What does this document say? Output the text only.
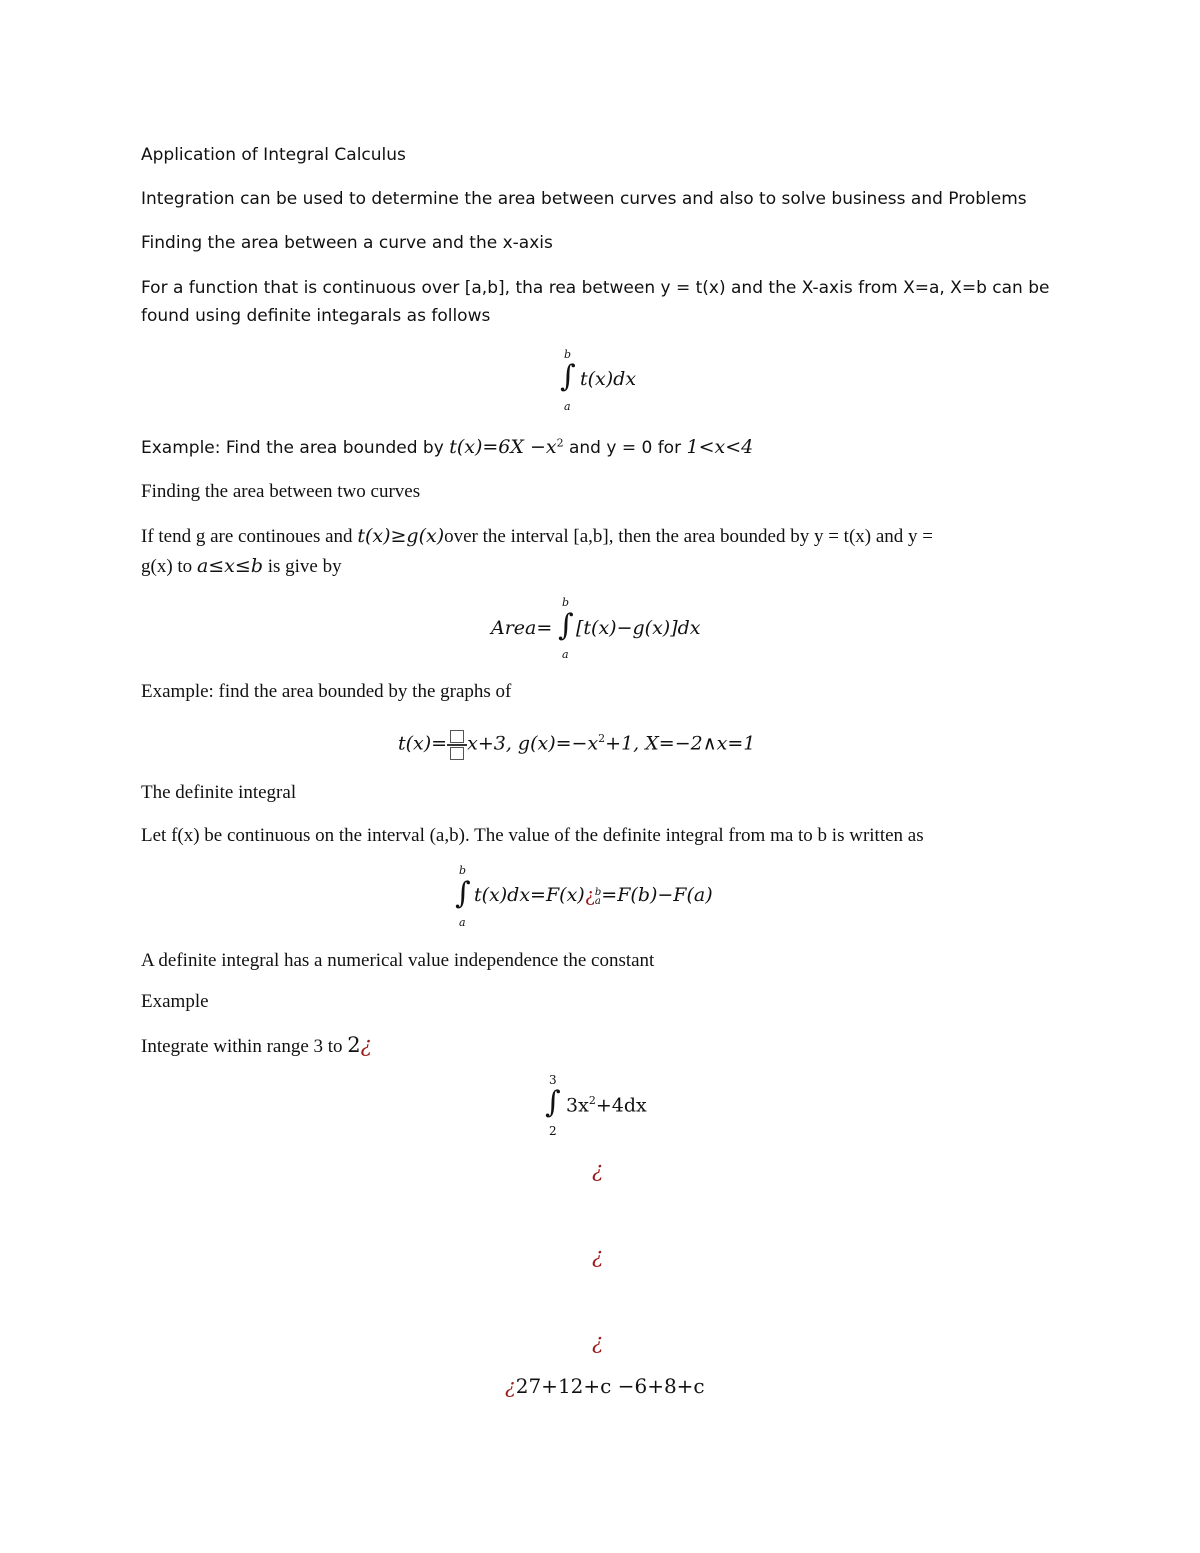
Application of Integral Calculus
Integration can be used to determine the area between curves and also to solve business and Problems
Finding the area between a curve and the x-axis
For a function that is continuous over [a,b], tha rea between y = t(x) and the X-axis from X=a, X=b can be
found using definite integarals as follows
b
∫ t(x)dx
a
Example: Find the area bounded by $t(x)=6X -x^2$ and y = 0 for 1<x<4
Finding the area between two curves
If tend g are continoues and t(x)≥g(x)over the interval [a,b], then the area bounded by y = t(x) and y =
g(x) to a≤x≤b is give by
Area=
b
∫ [t(x)−g(x)]dx
a
Example: find the area bounded by the graphs of
t(x)= x+3, $g(x)=-x^2+1$, X=−2∧x=1
The definite integral
Let f(x) be continuous on the interval (a,b). The value of the definite integral from ma to b is written as
b
∫ t(x)dx=F(x)¿ b
a =F(b)−F(a)
a
A definite integral has a numerical value independence the constant
Example
Integrate within range 3 to 2¿
3
∫ $3x^2+4dx$
2
¿
¿
¿
¿27+12+c −6+8+c
